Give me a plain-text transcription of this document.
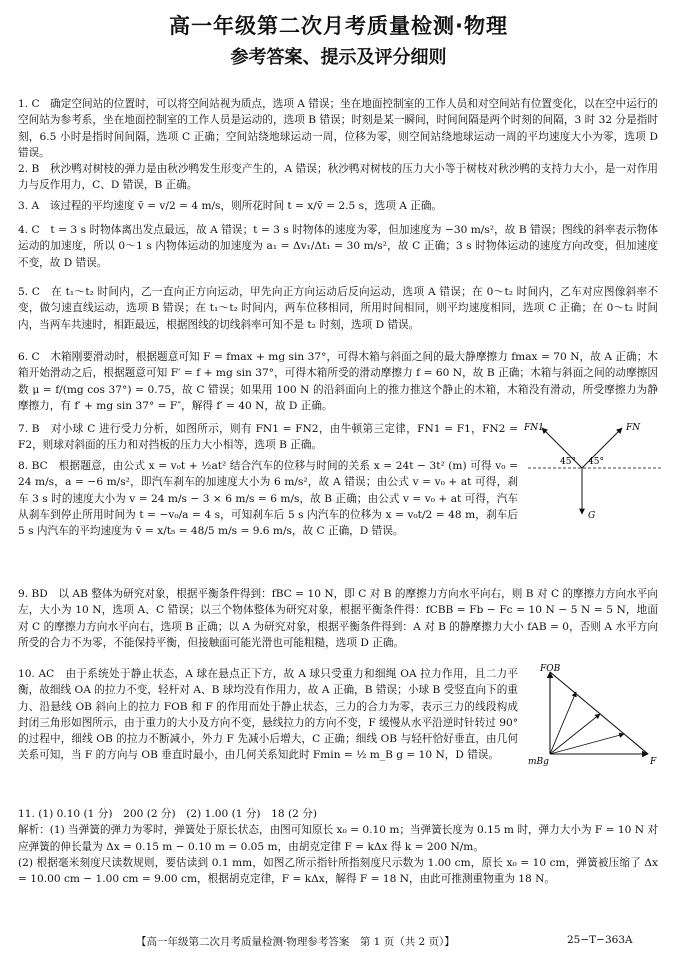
高一年级第二次月考质量检测·物理
参考答案、提示及评分细则
1. C　确定空间站的位置时，可以将空间站视为质点，选项 A 错误；坐在地面控制室的工作人员和对空间站有位置变化，以在空中运行的空间站为参考系，坐在地面控制室的工作人员是运动的，选项 B 错误；时刻是某一瞬间，时间间隔是两个时刻的间隔，3 时 32 分是指时刻，6.5 小时是指时间间隔，选项 C 正确；空间站绕地球运动一周，位移为零，则空间站绕地球运动一周的平均速度大小为零，选项 D 错误。
2. B　秋沙鸭对树枝的弹力是由秋沙鸭发生形变产生的，A 错误；秋沙鸭对树枝的压力大小等于树枝对秋沙鸭的支持力大小，是一对作用力与反作用力，C、D 错误，B 正确。
3. A　该过程的平均速度 v̄ = v/2 = 4 m/s，则所花时间 t = x/v̄ = 2.5 s，选项 A 正确。
4. C　t = 3 s 时物体离出发点最远，故 A 错误；t = 3 s 时物体的速度为零，但加速度为 −30 m/s²，故 B 错误；图线的斜率表示物体运动的加速度，所以 0～1 s 内物体运动的加速度为 a₁ = Δv₁/Δt₁ = 30 m/s²，故 C 正确；3 s 时物体运动的速度方向改变，但加速度不变，故 D 错误。
5. C　在 t₁～t₂ 时间内，乙一直向正方向运动，甲先向正方向运动后反向运动，选项 A 错误；在 0～t₂ 时间内，乙车对应图像斜率不变，做匀速直线运动，选项 B 错误；在 t₁～t₂ 时间内，两车位移相同，所用时间相同，则平均速度相同，选项 C 正确；在 0～t₂ 时间内，当两车共速时，相距最远，根据图线的切线斜率可知不是 t₂ 时刻，选项 D 错误。
6. C　木箱刚要滑动时，根据题意可知 F = fmax + mg sin 37°，可得木箱与斜面之间的最大静摩擦力 fmax = 70 N，故 A 正确；木箱开始滑动之后，根据题意可知 F′ = f + mg sin 37°，可得木箱所受的滑动摩擦力 f = 60 N，故 B 正确；木箱与斜面之间的动摩擦因数 μ = f/(mg cos 37°) = 0.75，故 C 错误；如果用 100 N 的沿斜面向上的推力推这个静止的木箱，木箱没有滑动，所受摩擦力为静摩擦力，有 f′ + mg sin 37° = F″，解得 f′ = 40 N，故 D 正确。
7. B　对小球 C 进行受力分析，如图所示，则有 FN1 = FN2，由牛顿第三定律，FN1 = F1，FN2 = F2，则球对斜面的压力和对挡板的压力大小相等，选项 B 正确。
8. BC　根据题意，由公式 x = v₀t + ½at² 结合汽车的位移与时间的关系 x = 24t − 3t² (m) 可得 v₀ = 24 m/s，a = −6 m/s²，即汽车刹车的加速度大小为 6 m/s²，故 A 错误；由公式 v = v₀ + at 可得，刹车 3 s 时的速度大小为 v = 24 m/s − 3 × 6 m/s = 6 m/s，故 B 正确；由公式 v = v₀ + at 可得，汽车从刹车到停止所用时间为 t = −v₀/a = 4 s，可知刹车后 5 s 内汽车的位移为 x = v₀t/2 = 48 m，刹车后 5 s 内汽车的平均速度为 v̄ = x/t₅ = 48/5 m/s = 9.6 m/s，故 C 正确，D 错误。
9. BD　以 AB 整体为研究对象，根据平衡条件得到：fBC = 10 N，即 C 对 B 的摩擦力方向水平向右，则 B 对 C 的摩擦力方向水平向左，大小为 10 N，选项 A、C 错误；以三个物体整体为研究对象，根据平衡条件得：fCBB = Fb − Fc = 10 N − 5 N = 5 N，地面对 C 的摩擦力方向水平向右，选项 B 正确；以 A 为研究对象，根据平衡条件得到：A 对 B 的静摩擦力大小 fAB = 0，否则 A 水平方向所受的合力不为零，不能保持平衡，但接触面可能光滑也可能粗糙，选项 D 正确。
10. AC　由于系统处于静止状态，A 球在悬点正下方，故 A 球只受重力和细绳 OA 拉力作用，且二力平衡，故细线 OA 的拉力不变，轻杆对 A、B 球均没有作用力，故 A 正确，B 错误；小球 B 受竖直向下的重力、沿悬线 OB 斜向上的拉力 FOB 和 F 的作用而处于静止状态，三力的合力为零，表示三力的线段构成封闭三角形如图所示，由于重力的大小及方向不变，悬线拉力的方向不变，F 缓慢从水平沿逆时针转过 90° 的过程中，细线 OB 的拉力不断减小，外力 F 先减小后增大，C 正确；细线 OB 与轻杆恰好垂直，由几何关系可知，当 F 的方向与 OB 垂直时最小，由几何关系知此时 Fmin = ½ m_B g = 10 N，D 错误。
11. (1) 0.10 (1 分)　200 (2 分)　(2) 1.00 (1 分)　18 (2 分)
解析：(1) 当弹簧的弹力为零时，弹簧处于原长状态，由图可知原长 x₀ = 0.10 m；当弹簧长度为 0.15 m 时，弹力大小为 F = 10 N 对应弹簧的伸长量为 Δx = 0.15 m − 0.10 m = 0.05 m，由胡克定律 F = kΔx 得 k = 200 N/m。
(2) 根据毫米刻度尺读数规则，要估读到 0.1 mm，如图乙所示指针所指刻度尺示数为 1.00 cm，原长 x₀ = 10 cm，弹簧被压缩了 Δx = 10.00 cm − 1.00 cm = 9.00 cm，根据胡克定律，F = kΔx，解得 F = 18 N，由此可推测重物重为 18 N。
FN1	FN
45° 45°
G
FOB
mBg	F
【高一年级第二次月考质量检测·物理参考答案　第 1 页（共 2 页）】	25−T−363A
